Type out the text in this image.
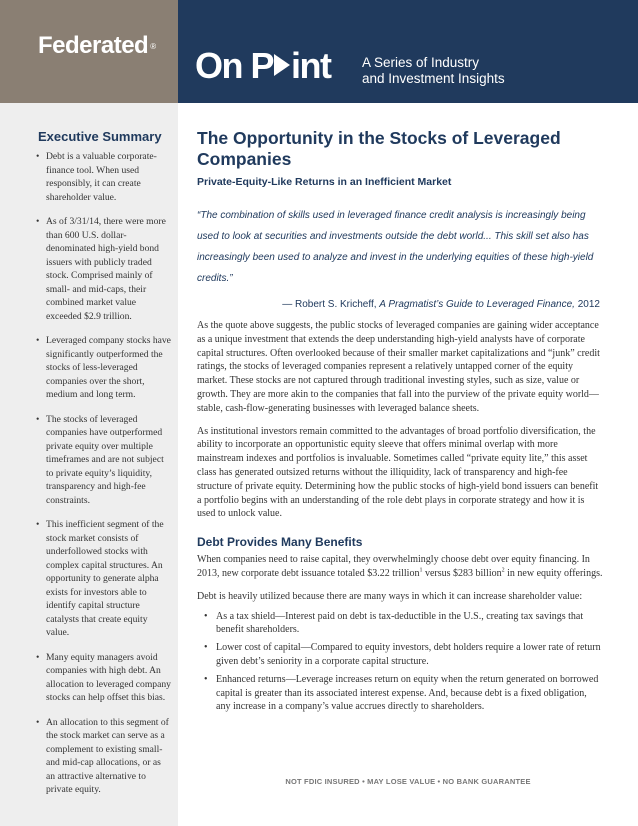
Federated ® On P int A Series of Industry
and Investment Insights
Executive Summary
• Debt is a valuable corporate-finance tool. When used responsibly, it can create shareholder value.
• As of 3/31/14, there were more than 600 U.S. dollar-denominated high-yield bond issuers with publicly traded stock. Comprised mainly of small- and mid-caps, their combined market value exceeded $2.9 trillion.
• Leveraged company stocks have significantly outperformed the stocks of less-leveraged companies over the short, medium and long term.
• The stocks of leveraged companies have outperformed private equity over multiple timeframes and are not subject to private equity’s liquidity, transparency and high-fee constraints.
• This inefficient segment of the stock market consists of underfollowed stocks with complex capital structures. An opportunity to generate alpha exists for investors able to identify capital structure catalysts that create equity value.
• Many equity managers avoid companies with high debt. An allocation to leveraged company stocks can help offset this bias.
• An allocation to this segment of the stock market can serve as a complement to existing small- and mid-cap allocations, or as an attractive alternative to private equity.
The Opportunity in the Stocks of Leveraged Companies
Private-Equity-Like Returns in an Inefficient Market

“The combination of skills used in leveraged finance credit analysis is increasingly being used to look at securities and investments outside the debt world... This skill set also has increasingly been used to analyze and invest in the underlying equities of these high-yield credits.”

— Robert S. Kricheff, A Pragmatist’s Guide to Leveraged Finance, 2012

As the quote above suggests, the public stocks of leveraged companies are gaining wider acceptance as a unique investment that extends the deep understanding high-yield analysts have of corporate capital structures. Often overlooked because of their smaller market capitalizations and “junk” credit ratings, the stocks of leveraged companies represent a relatively untapped corner of the equity market. These stocks are not captured through traditional investing styles, such as size, value or growth. They are more akin to the companies that fall into the purview of the private equity world—stable, cash-flow-generating businesses with leveraged balance sheets.

As institutional investors remain committed to the advantages of broad portfolio diversification, the ability to incorporate an opportunistic equity sleeve that offers minimal overlap with more mainstream indexes and portfolios is invaluable. Sometimes called “private equity lite,” this asset class has generated outsized returns without the illiquidity, lack of transparency and high-fee structure of private equity. Determining how the public stocks of high-yield bond issuers can benefit a portfolio begins with an understanding of the role debt plays in corporate strategy and how it is used to unlock value.

Debt Provides Many Benefits

When companies need to raise capital, they overwhelmingly choose debt over equity financing. In 2013, new corporate debt issuance totaled $3.22 trillion$^1$ versus $283 billion$^2$ in new equity offerings.

Debt is heavily utilized because there are many ways in which it can increase shareholder value:

• As a tax shield—Interest paid on debt is tax-deductible in the U.S., creating tax savings that benefit shareholders.
• Lower cost of capital—Compared to equity investors, debt holders require a lower rate of return given debt’s seniority in a corporate capital structure.
• Enhanced returns—Leverage increases return on equity when the return generated on borrowed capital is greater than its associated interest expense. And, because debt is a fixed obligation, any increase in a company’s value accrues directly to shareholders.
NOT FDIC INSURED • MAY LOSE VALUE • NO BANK GUARANTEE
